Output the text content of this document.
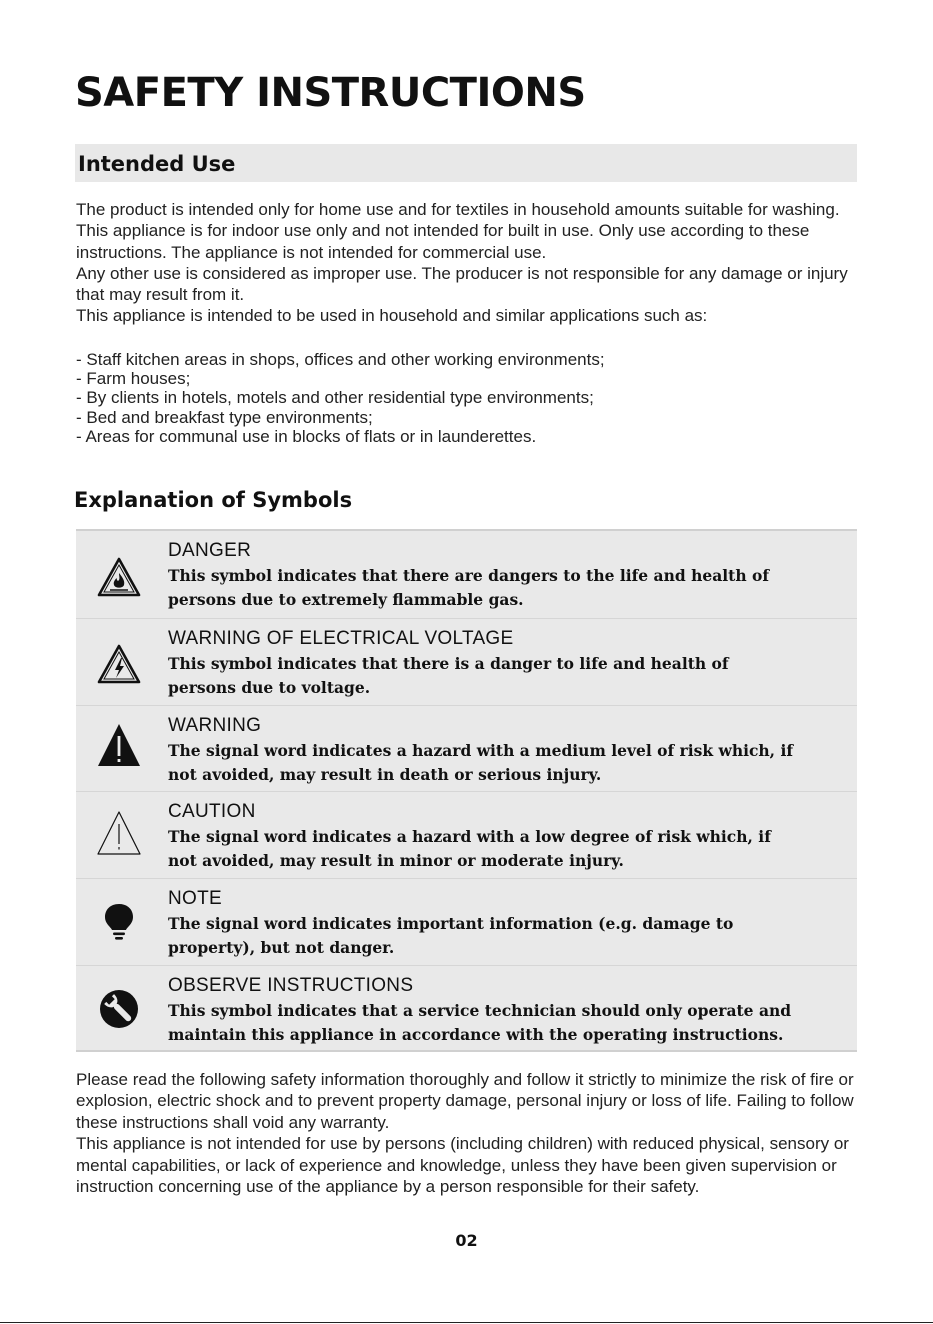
SAFETY INSTRUCTIONS
Intended Use

The product is intended only for home use and for textiles in household amounts suitable for washing. This appliance is for indoor use only and not intended for built in use. Only use according to these instructions. The appliance is not intended for commercial use.

Any other use is considered as improper use. The producer is not responsible for any damage or injury that may result from it.

This appliance is intended to be used in household and similar applications such as:

- Staff kitchen areas in shops, offices and other working environments;
- Farm houses;
- By clients in hotels, motels and other residential type environments;
- Bed and breakfast type environments;
- Areas for communal use in blocks of flats or in launderettes.
Explanation of Symbols
DANGER
This symbol indicates that there are dangers to the life and health of
persons due to extremely flammable gas.
WARNING OF ELECTRICAL VOLTAGE
This symbol indicates that there is a danger to life and health of
persons due to voltage.
WARNING
The signal word indicates a hazard with a medium level of risk which, if
not avoided, may result in death or serious injury.
CAUTION
The signal word indicates a hazard with a low degree of risk which, if
not avoided, may result in minor or moderate injury.
NOTE
The signal word indicates important information (e.g. damage to
property), but not danger.
OBSERVE INSTRUCTIONS
This symbol indicates that a service technician should only operate and
maintain this appliance in accordance with the operating instructions.

Please read the following safety information thoroughly and follow it strictly to minimize the risk of fire or explosion, electric shock and to prevent property damage, personal injury or loss of life. Failing to follow these instructions shall void any warranty.

This appliance is not intended for use by persons (including children) with reduced physical, sensory or mental capabilities, or lack of experience and knowledge, unless they have been given supervision or instruction concerning use of the appliance by a person responsible for their safety.

02
